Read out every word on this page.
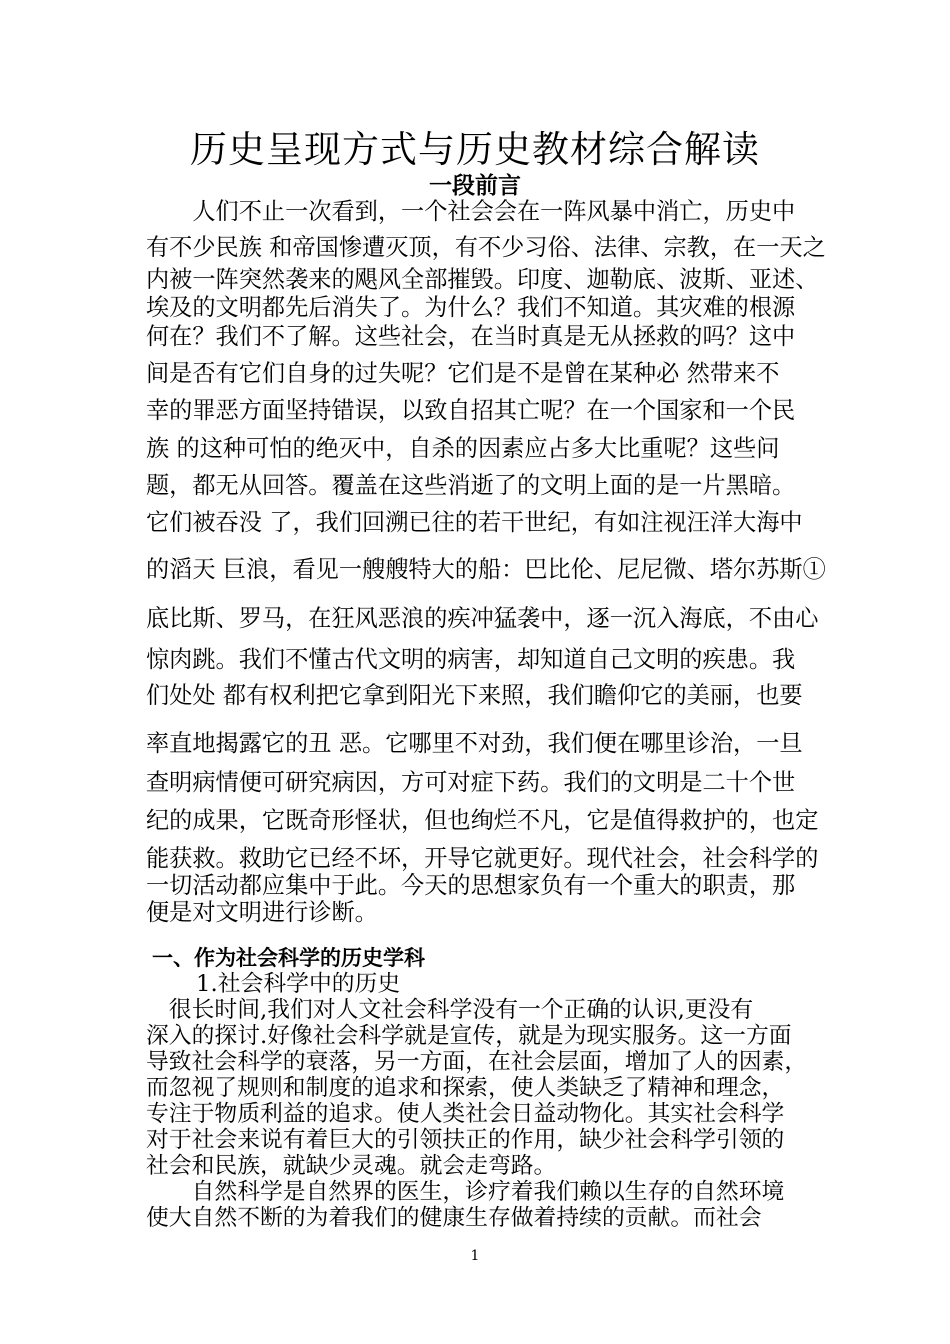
历史呈现方式与历史教材综合解读
一段前言
　　人们不止一次看到，一个社会会在一阵风暴中消亡，历史中
有不少民族 和帝国惨遭灭顶，有不少习俗、法律、宗教，在一天之
内被一阵突然袭来的飓风全部摧毁。印度、迦勒底、波斯、亚述、
埃及的文明都先后消失了。为什么？我们不知道。其灾难的根源
何在？我们不了解。这些社会，在当时真是无从拯救的吗？这中
间是否有它们自身的过失呢？它们是不是曾在某种必 然带来不
幸的罪恶方面坚持错误，以致自招其亡呢？在一个国家和一个民
族 的这种可怕的绝灭中，自杀的因素应占多大比重呢？这些问
题，都无从回答。覆盖在这些消逝了的文明上面的是一片黑暗。
它们被吞没 了，我们回溯已往的若干世纪，有如注视汪洋大海中
的滔天 巨浪，看见一艘艘特大的船：巴比伦、尼尼微、塔尔苏斯①
底比斯、罗马，在狂风恶浪的疾冲猛袭中，逐一沉入海底，不由心
惊肉跳。我们不懂古代文明的病害，却知道自己文明的疾患。我
们处处 都有权利把它拿到阳光下来照，我们瞻仰它的美丽，也要
率直地揭露它的丑 恶。它哪里不对劲，我们便在哪里诊治，一旦
查明病情便可研究病因，方可对症下药。我们的文明是二十个世
纪的成果，它既奇形怪状，但也绚烂不凡，它是值得救护的，也定
能获救。救助它已经不坏，开导它就更好。现代社会，社会科学的
一切活动都应集中于此。今天的思想家负有一个重大的职责，那
便是对文明进行诊断。
一、作为社会科学的历史学科
1.社会科学中的历史
　很长时间,我们对人文社会科学没有一个正确的认识,更没有
深入的探讨.好像社会科学就是宣传，就是为现实服务。这一方面
导致社会科学的衰落，另一方面，在社会层面，增加了人的因素，
而忽视了规则和制度的追求和探索，使人类缺乏了精神和理念，
专注于物质利益的追求。使人类社会日益动物化。其实社会科学
对于社会来说有着巨大的引领扶正的作用，缺少社会科学引领的
社会和民族，就缺少灵魂。就会走弯路。
　　自然科学是自然界的医生，诊疗着我们赖以生存的自然环境
使大自然不断的为着我们的健康生存做着持续的贡献。而社会
1
